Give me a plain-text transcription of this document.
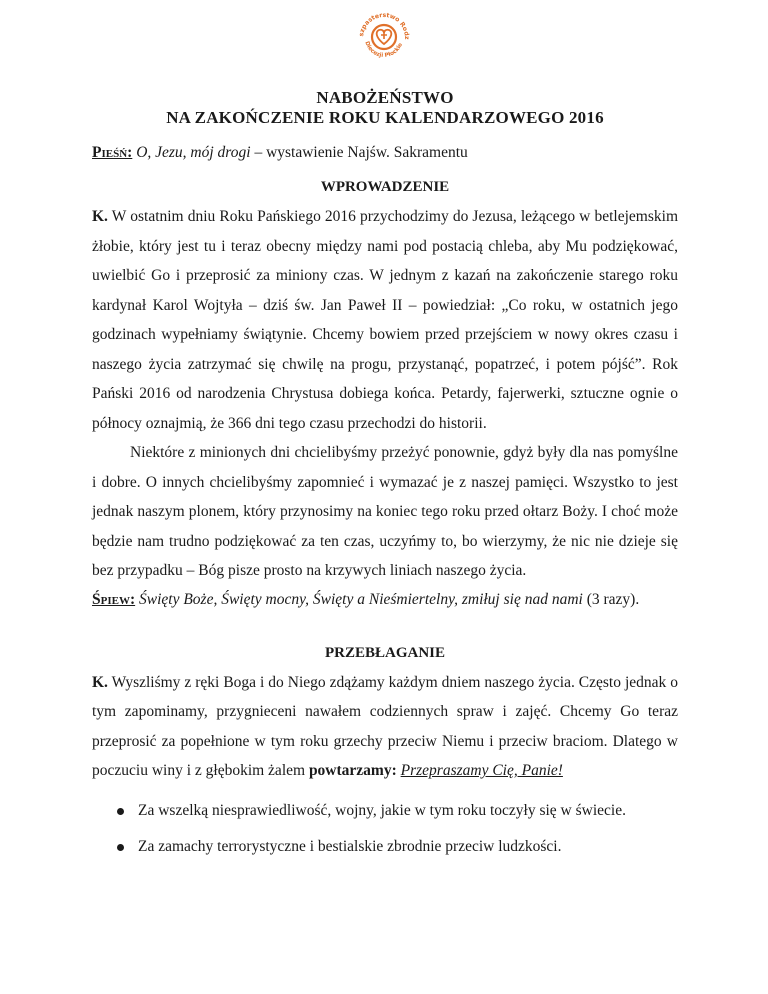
szpasterstwo Rodz
Diecezji Płockie
NABOŻEŃSTWO
NA ZAKOŃCZENIE ROKU KALENDARZOWEGO 2016
Pieśń: O, Jezu, mój drogi – wystawienie Najśw. Sakramentu
WPROWADZENIE

K. W ostatnim dniu Roku Pańskiego 2016 przychodzimy do Jezusa, leżącego w betlejemskim żłobie, który jest tu i teraz obecny między nami pod postacią chleba, aby Mu podziękować, uwielbić Go i przeprosić za miniony czas. W jednym z kazań na zakończenie starego roku kardynał Karol Wojtyła – dziś św. Jan Paweł II – powiedział: „Co roku, w ostatnich jego godzinach wypełniamy świątynie. Chcemy bowiem przed przejściem w nowy okres czasu i naszego życia zatrzymać się chwilę na progu, przystanąć, popatrzeć, i potem pójść”. Rok Pański 2016 od narodzenia Chrystusa dobiega końca. Petardy, fajerwerki, sztuczne ognie o północy oznajmią, że 366 dni tego czasu przechodzi do historii.

Niektóre z minionych dni chcielibyśmy przeżyć ponownie, gdyż były dla nas pomyślne i dobre. O innych chcielibyśmy zapomnieć i wymazać je z naszej pamięci. Wszystko to jest jednak naszym plonem, który przynosimy na koniec tego roku przed ołtarz Boży. I choć może będzie nam trudno podziękować za ten czas, uczyńmy to, bo wierzymy, że nic nie dzieje się bez przypadku – Bóg pisze prosto na krzywych liniach naszego życia.

Śpiew: Święty Boże, Święty mocny, Święty a Nieśmiertelny, zmiłuj się nad nami (3 razy).
PRZEBŁAGANIE

K. Wyszliśmy z ręki Boga i do Niego zdążamy każdym dniem naszego życia. Często jednak o tym zapominamy, przygnieceni nawałem codziennych spraw i zajęć. Chcemy Go teraz przeprosić za popełnione w tym roku grzechy przeciw Niemu i przeciw braciom. Dlatego w poczuciu winy i z głębokim żalem powtarzamy: Przepraszamy Cię, Panie!

Za wszelką niesprawiedliwość, wojny, jakie w tym roku toczyły się w świecie.
Za zamachy terrorystyczne i bestialskie zbrodnie przeciw ludzkości.
